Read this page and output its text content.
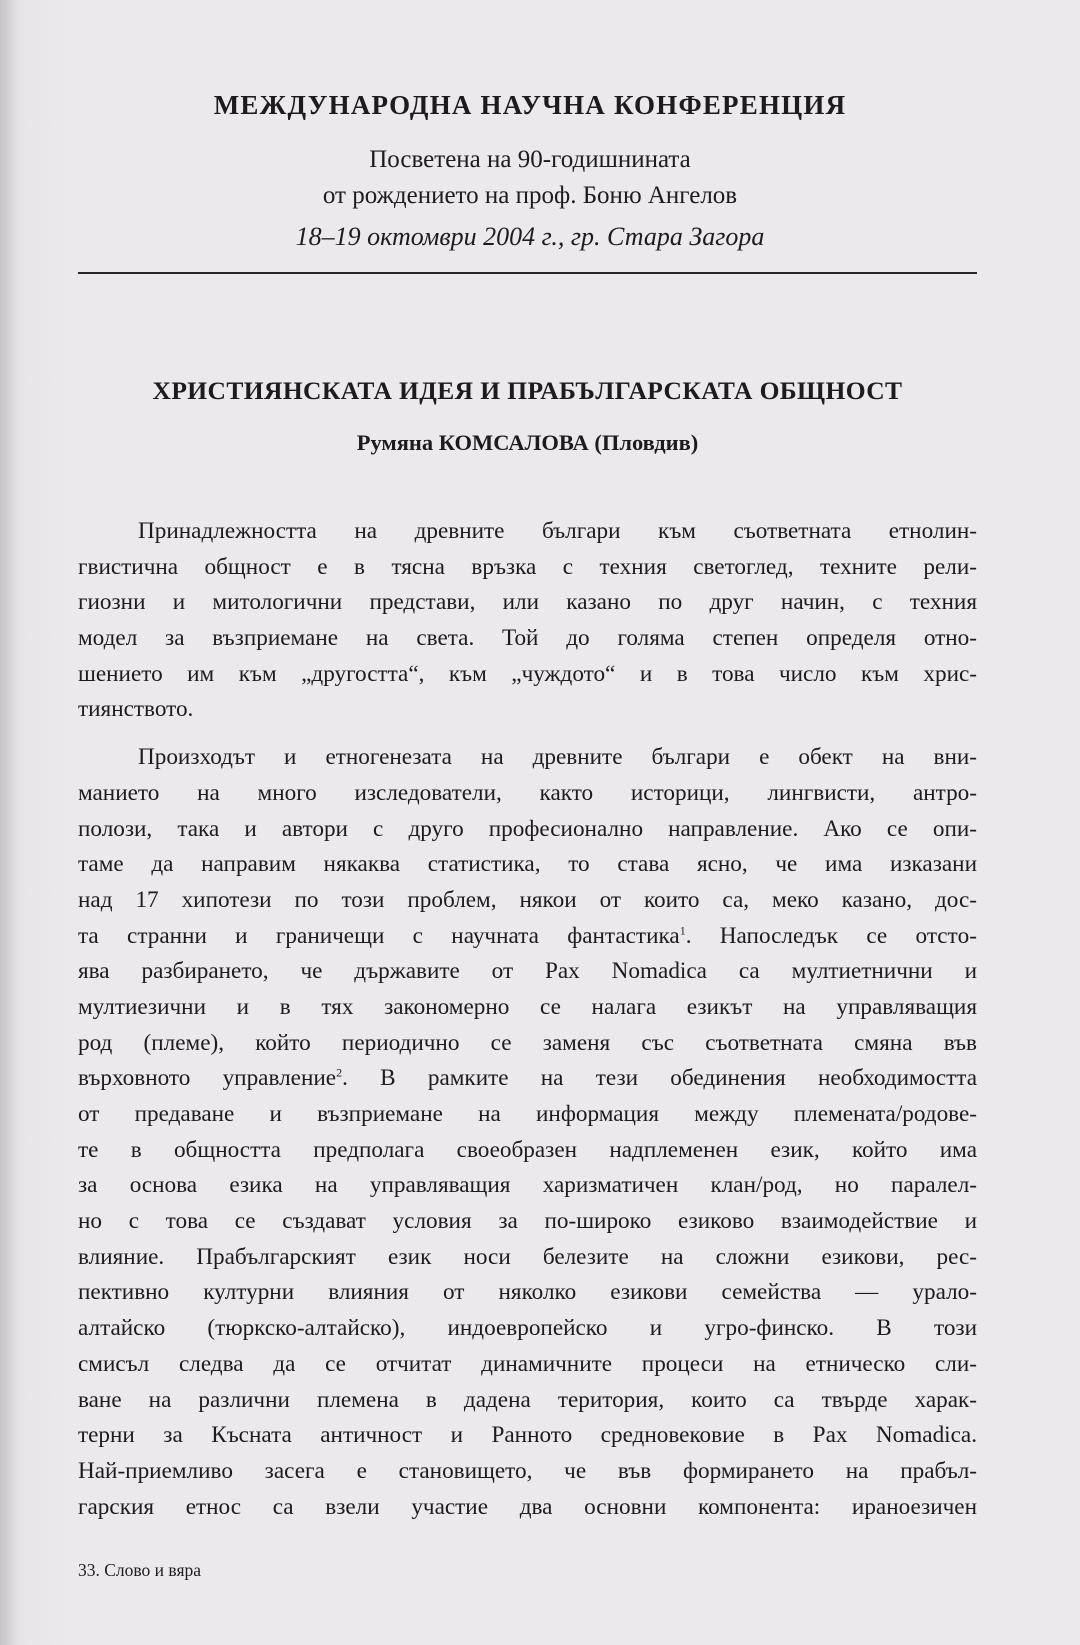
МЕЖДУНАРОДНА НАУЧНА КОНФЕРЕНЦИЯ

Посветена на 90-годишнината

от рождението на проф. Боню Ангелов

18–19 октомври 2004 г., гр. Стара Загора

ХРИСТИЯНСКАТА ИДЕЯ И ПРАБЪЛГАРСКАТА ОБЩНОСТ

Румяна КОМСАЛОВА (Пловдив)

Принадлежността на древните българи към съответната етнолин-
гвистична общност е в тясна връзка с техния светоглед, техните рели-
гиозни и митологични представи, или казано по друг начин, с техния
модел за възприемане на света. Той до голяма степен определя отно-
шението им към „другостта“, към „чуждото“ и в това число към хрис-
тиянството.
Произходът и етногенезата на древните българи е обект на вни-
манието на много изследователи, както историци, лингвисти, антро-
полози, така и автори с друго професионално направление. Ако се опи-
таме да направим някаква статистика, то става ясно, че има изказани
над 17 хипотези по този проблем, някои от които са, меко казано, дос-
та странни и граничещи с научната фантастика$^1$. Напоследък се отстo-
ява разбирането, че държавите от Pax Nomadica са мултиетнични и
мултиезични и в тях закономерно се налага езикът на управляващия
род (племе), който периодично се заменя със съответната смяна във
върховното управление$^2$. В рамките на тези обединения необходимостта
от предаване и възприемане на информация между племената/родове-
те в общността предполага своеобразен надплеменен език, който има
за основа езика на управляващия харизматичен клан/род, но паралел-
но с това се създават условия за по-широко езиково взаимодействие и
влияние. Прабългарският език носи белезите на сложни езикови, рес-
пективно културни влияния от няколко езикови семейства — урало-
алтайско (тюркско-алтайско), индоевропейско и угро-финско. В този
смисъл следва да се отчитат динамичните процеси на етническо сли-
ване на различни племена в дадена територия, които са твърде харак-
терни за Късната античност и Ранното средновековие в Pax Nomadica.
Най-приемливо засега е становището, че във формирането на прабъл-
гарския етнос са взели участие два основни компонента: ираноезичен

33. Слово и вяра
